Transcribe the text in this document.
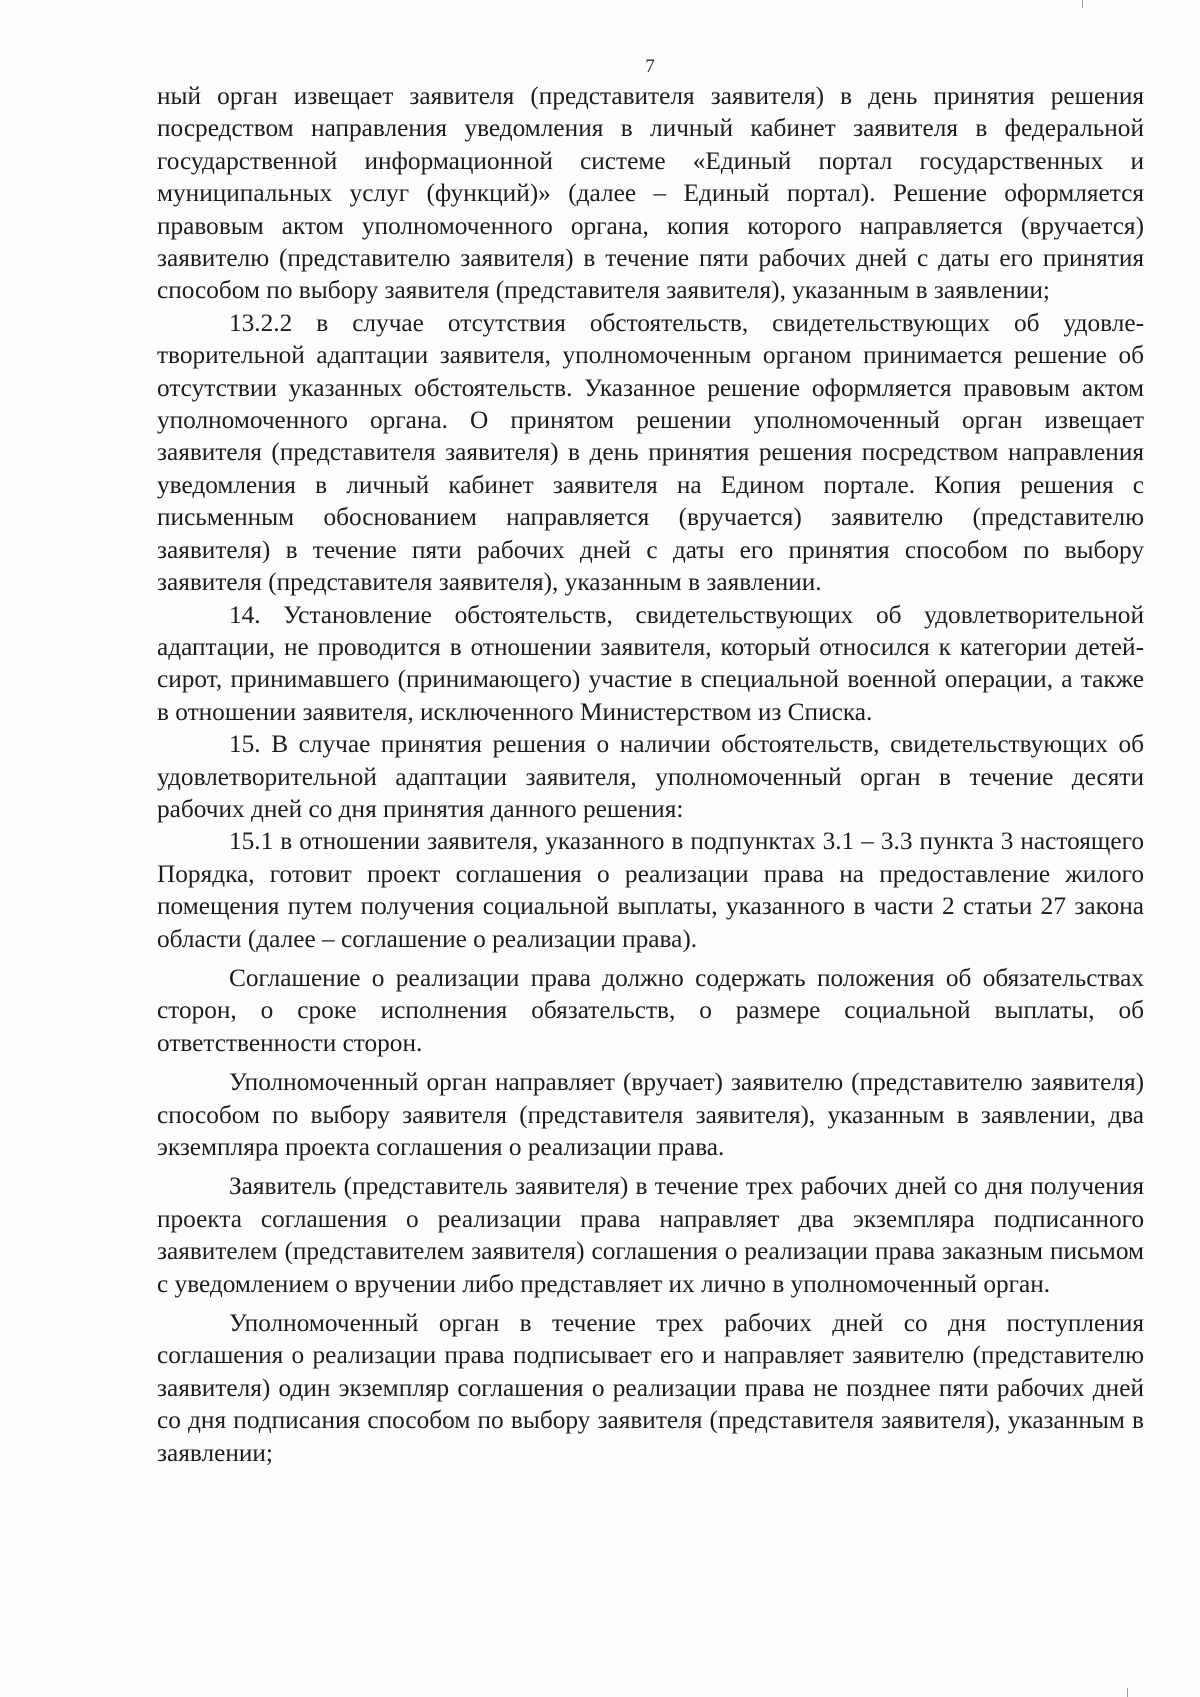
7

ный орган извещает заявителя (представителя заявителя) в день принятия решения посредством направления уведомления в личный кабинет заявителя в федеральной государственной информационной системе «Единый портал государственных и муниципальных услуг (функций)» (далее – Единый портал). Решение оформляется правовым актом уполномоченного органа, копия которого направляется (вручается) заявителю (представителю заявителя) в течение пяти рабочих дней с даты его принятия способом по выбору заявителя (представителя заявителя), указанным в заявлении;

13.2.2 в случае отсутствия обстоятельств, свидетельствующих об удовлетворительной адаптации заявителя, уполномоченным органом принимается решение об отсутствии указанных обстоятельств. Указанное решение оформляется правовым актом уполномоченного органа. О принятом решении уполномоченный орган извещает заявителя (представителя заявителя) в день принятия решения посредством направления уведомления в личный кабинет заявителя на Едином портале. Копия решения с письменным обоснованием направляется (вручается) заявителю (представителю заявителя) в течение пяти рабочих дней с даты его принятия способом по выбору заявителя (представителя заявителя), указанным в заявлении.

14. Установление обстоятельств, свидетельствующих об удовлетворительной адаптации, не проводится в отношении заявителя, который относился к категории детей-сирот, принимавшего (принимающего) участие в специальной военной операции, а также в отношении заявителя, исключенного Министерством из Списка.

15. В случае принятия решения о наличии обстоятельств, свидетельствующих об удовлетворительной адаптации заявителя, уполномоченный орган в течение десяти рабочих дней со дня принятия данного решения:

15.1 в отношении заявителя, указанного в подпунктах 3.1 – 3.3 пункта 3 настоящего Порядка, готовит проект соглашения о реализации права на предоставление жилого помещения путем получения социальной выплаты, указанного в части 2 статьи 27 закона области (далее – соглашение о реализации права).

Соглашение о реализации права должно содержать положения об обязательствах сторон, о сроке исполнения обязательств, о размере социальной выплаты, об ответственности сторон.

Уполномоченный орган направляет (вручает) заявителю (представителю заявителя) способом по выбору заявителя (представителя заявителя), указанным в заявлении, два экземпляра проекта соглашения о реализации права.

Заявитель (представитель заявителя) в течение трех рабочих дней со дня получения проекта соглашения о реализации права направляет два экземпляра подписанного заявителем (представителем заявителя) соглашения о реализации права заказным письмом с уведомлением о вручении либо представляет их лично в уполномоченный орган.

Уполномоченный орган в течение трех рабочих дней со дня поступления соглашения о реализации права подписывает его и направляет заявителю (представителю заявителя) один экземпляр соглашения о реализации права не позднее пяти рабочих дней со дня подписания способом по выбору заявителя (представителя заявителя), указанным в заявлении;
